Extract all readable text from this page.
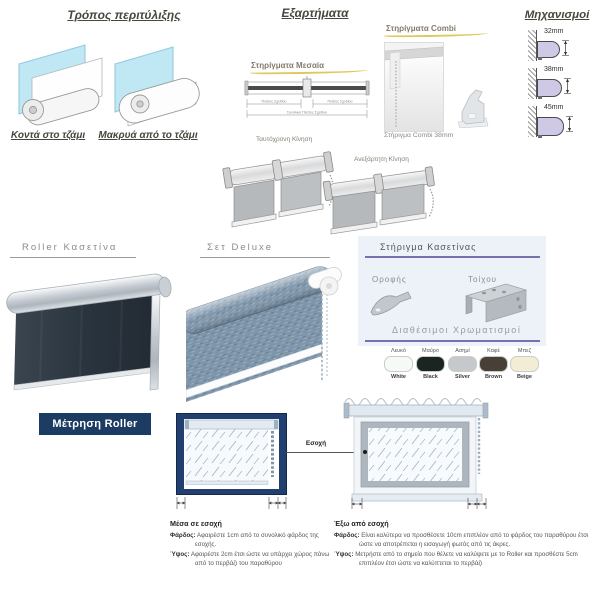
Τρόπος περιτύλιξης
Κοντά στο τζάμι	Μακρυά από το τζάμι
Εξαρτήματα
Στηρίγματα Μεσαία
Πλάτος Σχεδίου	Πλάτος Σχεδίου
Συνολικό Πλάτος Σχεδίου
Ταυτόχρονη Κίνηση
Ανεξάρτητη Κίνηση
Στηρίγματα Combi
Στήριγμα Combi 38mm
Μηχανισμοί
32mm
38mm
45mm
Roller Κασετίνα	Σετ Deluxe	Στήριγμα Κασετίνας
Οροφής	Τοίχου
Διαθέσιμοι Χρωματισμοί
Λευκό
White
Μαύρο
Black
Ασημί
Silver
Καφέ
Brown
Μπεζ
Beige
Μέτρηση Roller Blinds	Εσοχή
Μέσα σε εσοχή

Φάρδος: Αφαιρέστε 1cm από το συνολικό φάρδος της εσοχής.

Ύψος: Αφαιρέστε 2cm έτσι ώστε να υπάρχει χώρος πάνω από το περβάζι του παραθύρου

Έξω από εσοχή

Φάρδος: Είναι καλύτερα να προσθέσετε 10cm επιπλέον από το φάρδος του παραθύρου έτσι ώστε να αποτρέπεται η εισαγωγή φωτός από τις άκρες.

Ύψος: Μετρήστε από το σημείο που θέλετε να καλύψετε με το Roller και προσθέστε 5cm επιπλέον έτσι ώστε να καλύπτεται το περβάζι
